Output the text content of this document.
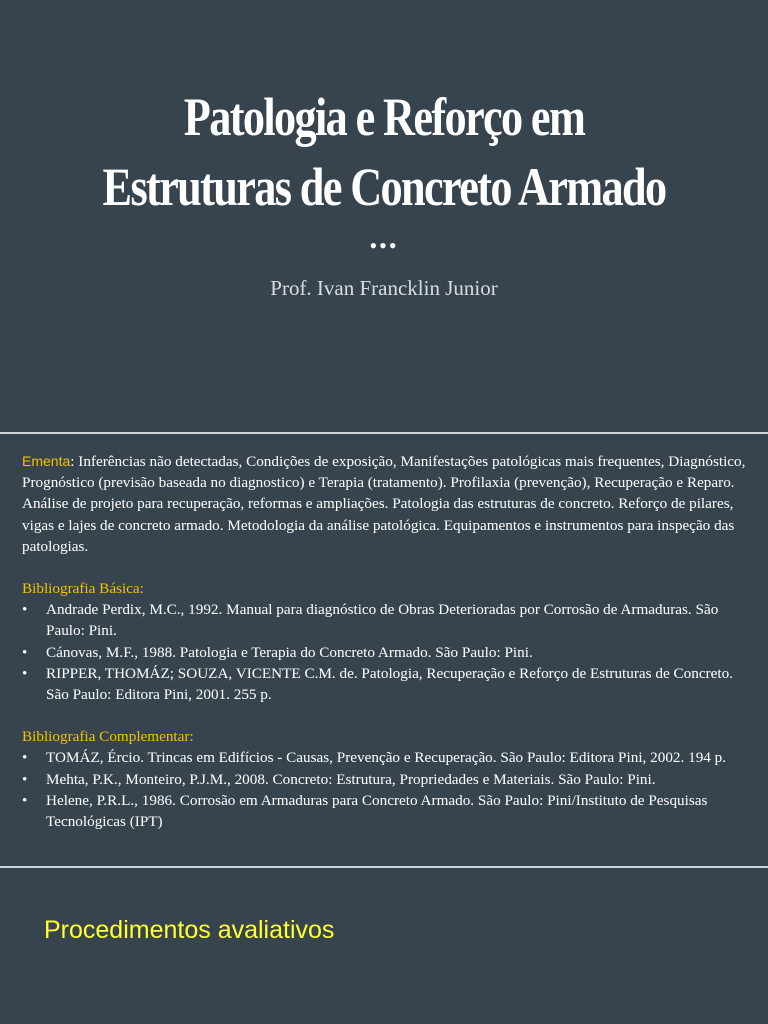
Patologia e Reforço em
Estruturas de Concreto Armado
•••
Prof. Ivan Francklin Junior
Ementa: Inferências não detectadas, Condições de exposição, Manifestações patológicas mais frequentes, Diagnóstico, Prognóstico (previsão baseada no diagnostico) e Terapia (tratamento). Profilaxia (prevenção), Recuperação e Reparo. Análise de projeto para recuperação, reformas e ampliações. Patologia das estruturas de concreto. Reforço de pilares, vigas e lajes de concreto armado. Metodologia da análise patológica. Equipamentos e instrumentos para inspeção das patologias.
Bibliografia Básica:
• Andrade Perdix, M.C., 1992. Manual para diagnóstico de Obras Deterioradas por Corrosão de Armaduras. São Paulo: Pini.
• Cánovas, M.F., 1988. Patologia e Terapia do Concreto Armado. São Paulo: Pini.
• RIPPER, THOMÁZ; SOUZA, VICENTE C.M. de. Patologia, Recuperação e Reforço de Estruturas de Concreto. São Paulo: Editora Pini, 2001. 255 p.
Bibliografia Complementar:
• TOMÁZ, Ércio. Trincas em Edifícios - Causas, Prevenção e Recuperação. São Paulo: Editora Pini, 2002. 194 p.
• Mehta, P.K., Monteiro, P.J.M., 2008. Concreto: Estrutura, Propriedades e Materiais. São Paulo: Pini.
• Helene, P.R.L., 1986. Corrosão em Armaduras para Concreto Armado. São Paulo: Pini/Instituto de Pesquisas Tecnológicas (IPT)
Procedimentos avaliativos
